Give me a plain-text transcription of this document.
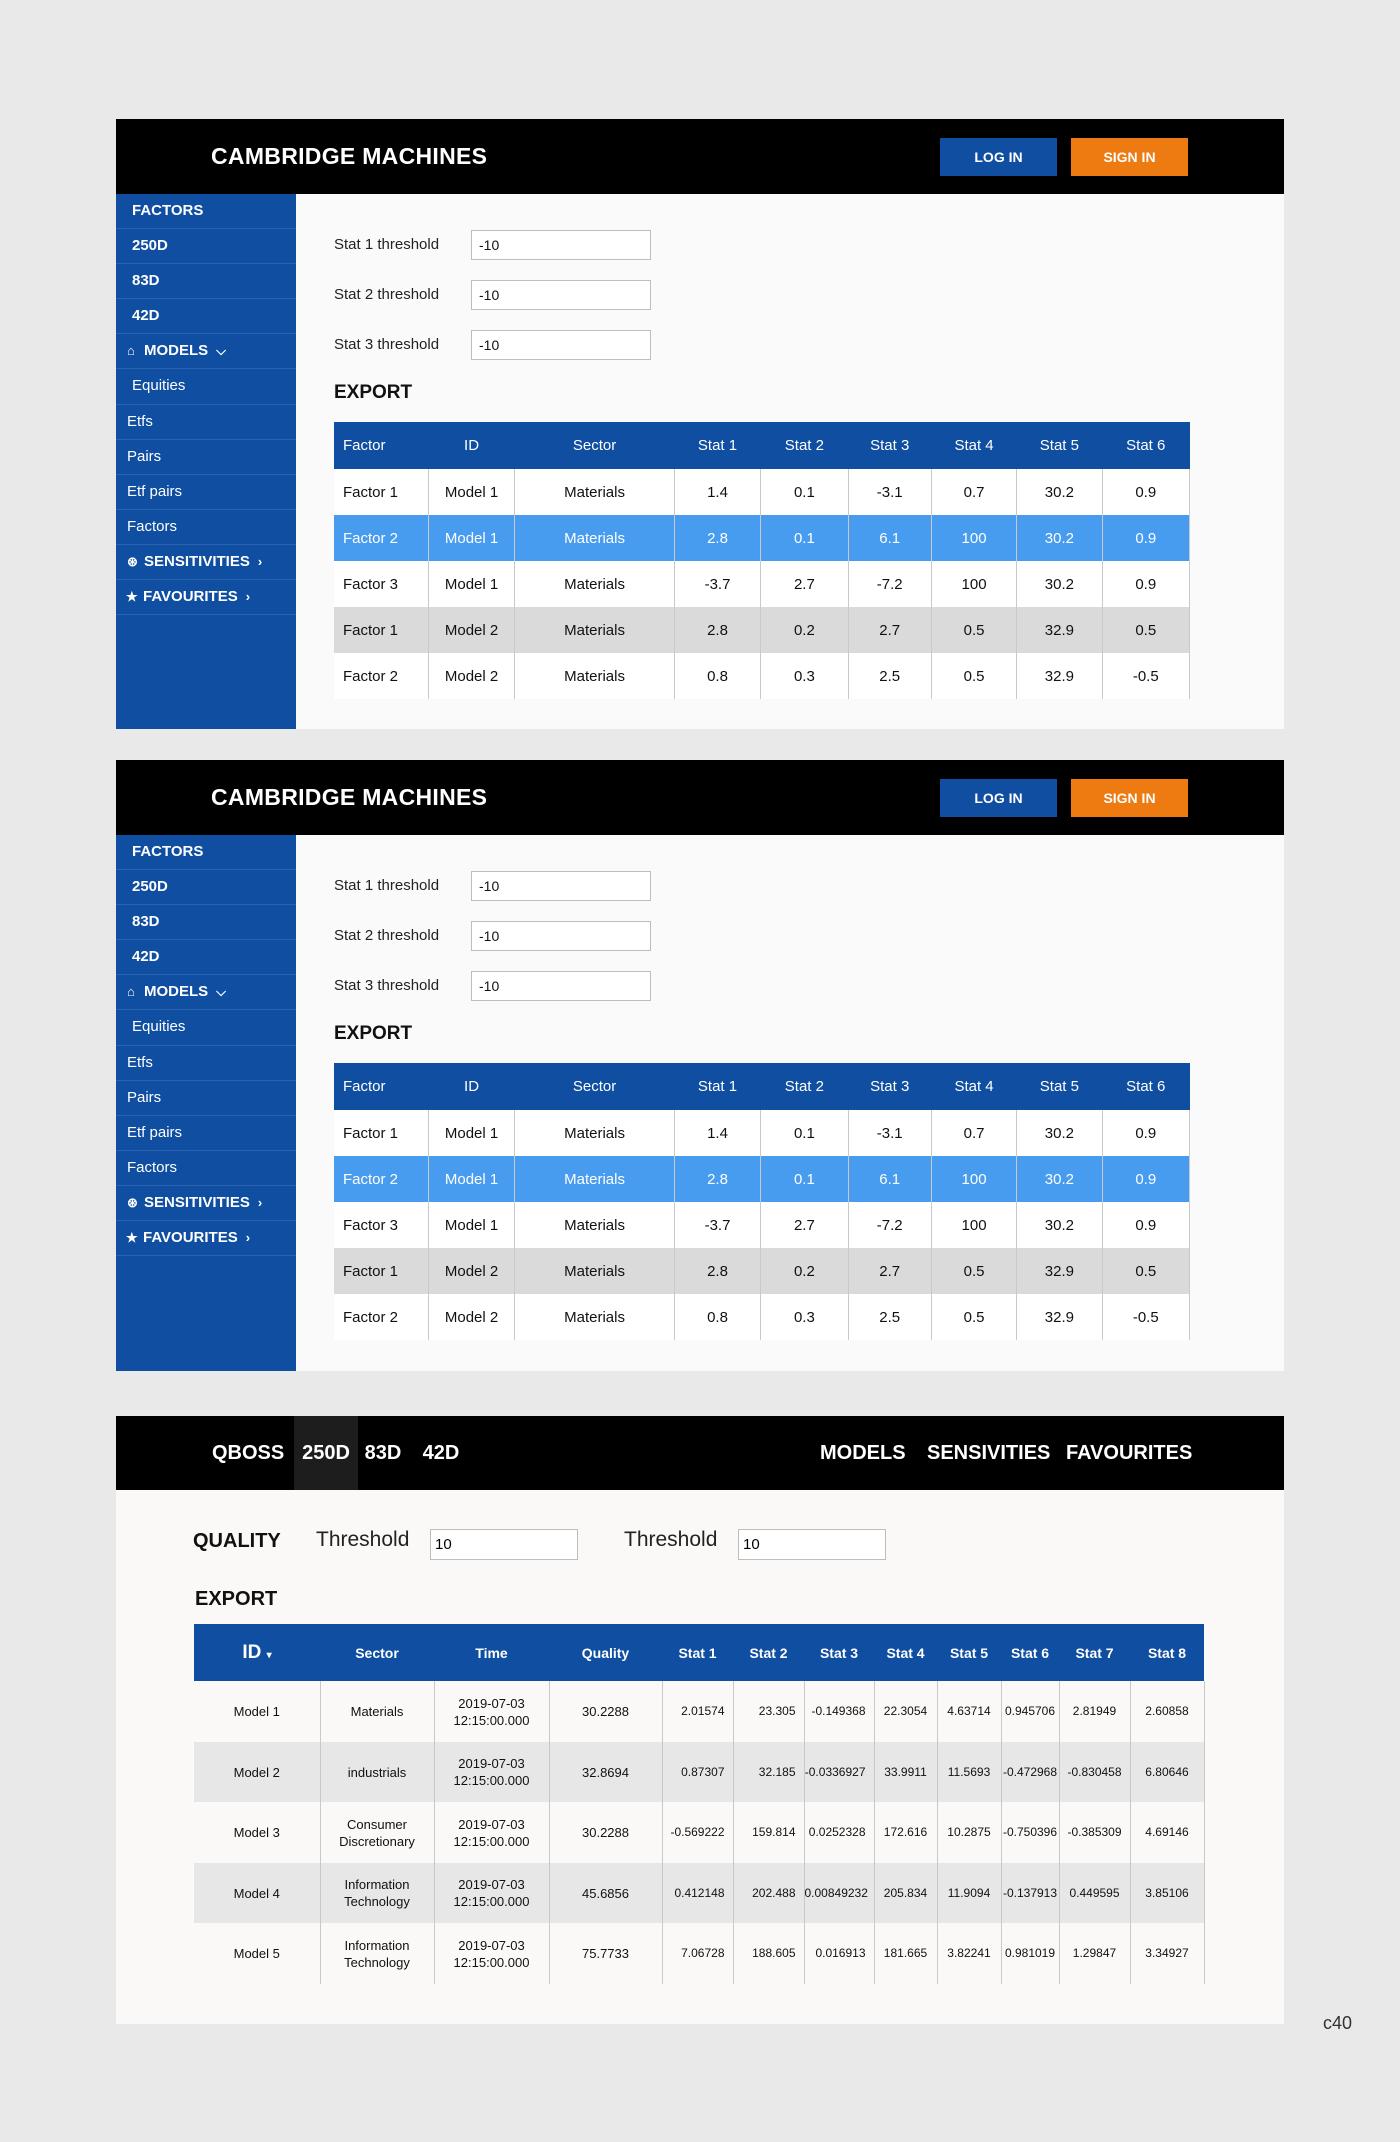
CAMBRIDGE MACHINES	LOG IN	SIGN IN
FACTORS
250D
83D
42D
⌂ MODELS ⌵
Equities
Etfs
Pairs
Etf pairs
Factors
⊛ SENSITIVITIES ›
★ FAVOURITES ›
Stat 1 threshold
-10
Stat 2 threshold
-10
Stat 3 threshold
-10
EXPORT
Factor	ID	Sector	Stat 1	Stat 2	Stat 3	Stat 4	Stat 5	Stat 6
Factor 1	Model 1	Materials	1.4	0.1	-3.1	0.7	30.2	0.9
Factor 2	Model 1	Materials	2.8	0.1	6.1	100	30.2	0.9
Factor 3	Model 1	Materials	-3.7	2.7	-7.2	100	30.2	0.9
Factor 1	Model 2	Materials	2.8	0.2	2.7	0.5	32.9	0.5
Factor 2	Model 2	Materials	0.8	0.3	2.5	0.5	32.9	-0.5
CAMBRIDGE MACHINES	LOG IN	SIGN IN
FACTORS
250D
83D
42D
⌂ MODELS ⌵
Equities
Etfs
Pairs
Etf pairs
Factors
⊛ SENSITIVITIES ›
★ FAVOURITES ›
Stat 1 threshold
-10
Stat 2 threshold
-10
Stat 3 threshold
-10
EXPORT
Factor	ID	Sector	Stat 1	Stat 2	Stat 3	Stat 4	Stat 5	Stat 6
Factor 1	Model 1	Materials	1.4	0.1	-3.1	0.7	30.2	0.9
Factor 2	Model 1	Materials	2.8	0.1	6.1	100	30.2	0.9
Factor 3	Model 1	Materials	-3.7	2.7	-7.2	100	30.2	0.9
Factor 1	Model 2	Materials	2.8	0.2	2.7	0.5	32.9	0.5
Factor 2	Model 2	Materials	0.8	0.3	2.5	0.5	32.9	-0.5
QBOSS 250D 83D 42D	MODELS SENSIVITIES FAVOURITES
QUALITY Threshold
10	Threshold
10
EXPORT
ID ▾	Sector	Time	Quality	Stat 1	Stat 2	Stat 3	Stat 4	Stat 5	Stat 6	Stat 7	Stat 8
Model 1	Materials	2019-07-03 12:15:00.000	30.2288	2.01574	23.305	-0.149368	22.3054	4.63714	0.945706	2.81949	2.60858
Model 2	industrials	2019-07-03 12:15:00.000	32.8694	0.87307	32.185	-0.0336927	33.9911	11.5693	-0.472968	-0.830458	6.80646
Model 3	Consumer Discretionary	2019-07-03 12:15:00.000	30.2288	-0.569222	159.814	0.0252328	172.616	10.2875	-0.750396	-0.385309	4.69146
Model 4	Information Technology	2019-07-03 12:15:00.000	45.6856	0.412148	202.488	0.00849232	205.834	11.9094	-0.137913	0.449595	3.85106
Model 5	Information Technology	2019-07-03 12:15:00.000	75.7733	7.06728	188.605	0.016913	181.665	3.82241	0.981019	1.29847	3.34927
c40
